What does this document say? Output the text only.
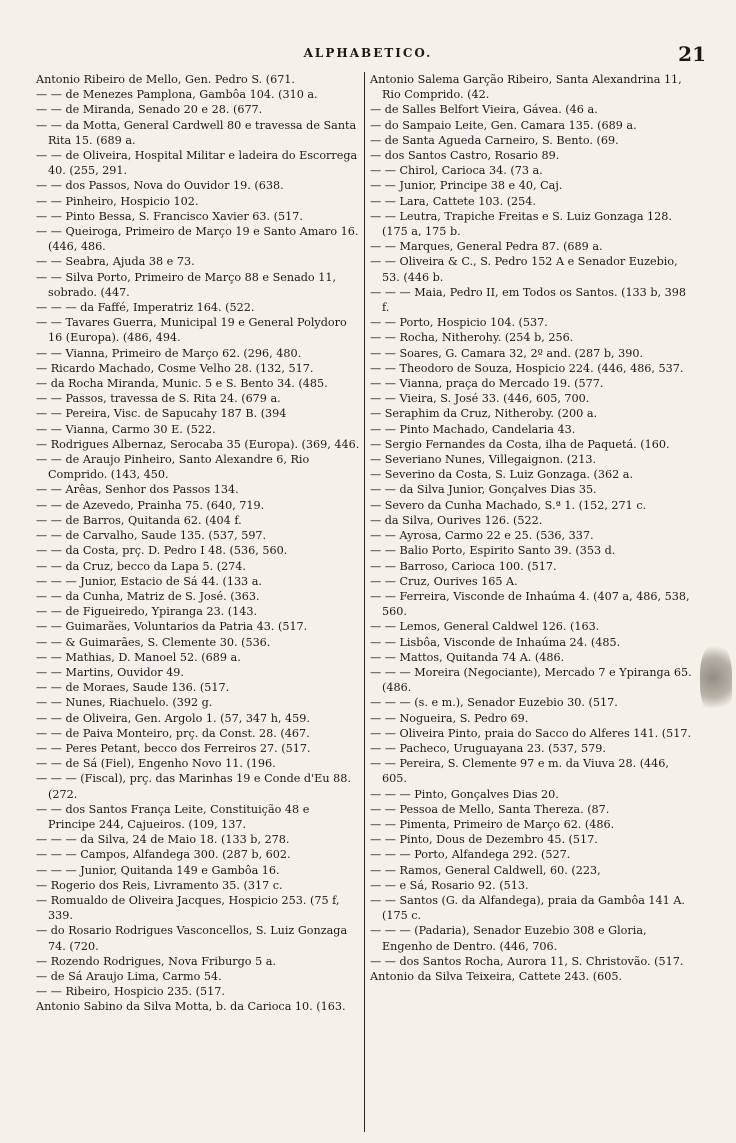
ALPHABETICO.	21
Antonio Ribeiro de Mello, Gen. Pedro S. (671.
— — de Menezes Pamplona, Gambôa 104. (310 a.
— — de Miranda, Senado 20 e 28. (677.
— — da Motta, General Cardwell 80 e travessa de Santa Rita 15. (689 a.
— — de Oliveira, Hospital Militar e ladeira do Escorrega 40. (255, 291.
— — dos Passos, Nova do Ouvidor 19. (638.
— — Pinheiro, Hospicio 102.
— — Pinto Bessa, S. Francisco Xavier 63. (517.
— — Queiroga, Primeiro de Março 19 e Santo Amaro 16. (446, 486.
— — Seabra, Ajuda 38 e 73.
— — Silva Porto, Primeiro de Março 88 e Senado 11, sobrado. (447.
— — — da Faffé, Imperatriz 164. (522.
— — Tavares Guerra, Municipal 19 e General Polydoro 16 (Europa). (486, 494.
— — Vianna, Primeiro de Março 62. (296, 480.
— Ricardo Machado, Cosme Velho 28. (132, 517.
— da Rocha Miranda, Munic. 5 e S. Bento 34. (485.
— — Passos, travessa de S. Rita 24. (679 a.
— — Pereira, Visc. de Sapucahy 187 B. (394
— — Vianna, Carmo 30 E. (522.
— Rodrigues Albernaz, Serocaba 35 (Europa). (369, 446.
— — de Araujo Pinheiro, Santo Alexandre 6, Rio Comprido. (143, 450.
— — Arêas, Senhor dos Passos 134.
— — de Azevedo, Prainha 75. (640, 719.
— — de Barros, Quitanda 62. (404 f.
— — de Carvalho, Saude 135. (537, 597.
— — da Costa, prç. D. Pedro I 48. (536, 560.
— — da Cruz, becco da Lapa 5. (274.
— — — Junior, Estacio de Sá 44. (133 a.
— — da Cunha, Matriz de S. José. (363.
— — de Figueiredo, Ypiranga 23. (143.
— — Guimarães, Voluntarios da Patria 43. (517.
— — & Guimarães, S. Clemente 30. (536.
— — Mathias, D. Manoel 52. (689 a.
— — Martins, Ouvidor 49.
— — de Moraes, Saude 136. (517.
— — Nunes, Riachuelo. (392 g.
— — de Oliveira, Gen. Argolo 1. (57, 347 h, 459.
— — de Paiva Monteiro, prç. da Const. 28. (467.
— — Peres Petant, becco dos Ferreiros 27. (517.
— — de Sá (Fiel), Engenho Novo 11. (196.
— — — (Fiscal), prç. das Marinhas 19 e Conde d'Eu 88. (272.
— — dos Santos França Leite, Constituição 48 e Principe 244, Cajueiros. (109, 137.
— — — da Silva, 24 de Maio 18. (133 b, 278.
— — — Campos, Alfandega 300. (287 b, 602.
— — — Junior, Quitanda 149 e Gambôa 16.
— Rogerio dos Reis, Livramento 35. (317 c.
— Romualdo de Oliveira Jacques, Hospicio 253. (75 f, 339.
— do Rosario Rodrigues Vasconcellos, S. Luiz Gonzaga 74. (720.
— Rozendo Rodrigues, Nova Friburgo 5 a.
— de Sá Araujo Lima, Carmo 54.
— — Ribeiro, Hospicio 235. (517.
Antonio Sabino da Silva Motta, b. da Carioca 10. (163.
Antonio Salema Garção Ribeiro, Santa Alexandrina 11, Rio Comprido. (42.
— de Salles Belfort Vieira, Gávea. (46 a.
— do Sampaio Leite, Gen. Camara 135. (689 a.
— de Santa Agueda Carneiro, S. Bento. (69.
— dos Santos Castro, Rosario 89.
— — Chirol, Carioca 34. (73 a.
— — Junior, Principe 38 e 40, Caj.
— — Lara, Cattete 103. (254.
— — Leutra, Trapiche Freitas e S. Luiz Gonzaga 128. (175 a, 175 b.
— — Marques, General Pedra 87. (689 a.
— — Oliveira & C., S. Pedro 152 A e Senador Euzebio, 53. (446 b.
— — — Maia, Pedro II, em Todos os Santos. (133 b, 398 f.
— — Porto, Hospicio 104. (537.
— — Rocha, Nitherohy. (254 b, 256.
— — Soares, G. Camara 32, 2º and. (287 b, 390.
— — Theodoro de Souza, Hospicio 224. (446, 486, 537.
— — Vianna, praça do Mercado 19. (577.
— — Vieira, S. José 33. (446, 605, 700.
— Seraphim da Cruz, Nitheroby. (200 a.
— — Pinto Machado, Candelaria 43.
— Sergio Fernandes da Costa, ilha de Paquetá. (160.
— Severiano Nunes, Villegaignon. (213.
— Severino da Costa, S. Luiz Gonzaga. (362 a.
— — da Silva Junior, Gonçalves Dias 35.
— Severo da Cunha Machado, S.ª 1. (152, 271 c.
— da Silva, Ourives 126. (522.
— — Ayrosa, Carmo 22 e 25. (536, 337.
— — Balio Porto, Espirito Santo 39. (353 d.
— — Barroso, Carioca 100. (517.
— — Cruz, Ourives 165 A.
— — Ferreira, Visconde de Inhaúma 4. (407 a, 486, 538, 560.
— — Lemos, General Caldwel 126. (163.
— — Lisbôa, Visconde de Inhaúma 24. (485.
— — Mattos, Quitanda 74 A. (486.
— — — Moreira (Negociante), Mercado 7 e Ypiranga 65. (486.
— — — (s. e m.), Senador Euzebio 30. (517.
— — Nogueira, S. Pedro 69.
— — Oliveira Pinto, praia do Sacco do Alferes 141. (517.
— — Pacheco, Uruguayana 23. (537, 579.
— — Pereira, S. Clemente 97 e m. da Viuva 28. (446, 605.
— — — Pinto, Gonçalves Dias 20.
— — Pessoa de Mello, Santa Thereza. (87.
— — Pimenta, Primeiro de Março 62. (486.
— — Pinto, Dous de Dezembro 45. (517.
— — — Porto, Alfandega 292. (527.
— — Ramos, General Caldwell, 60. (223,
— — e Sá, Rosario 92. (513.
— — Santos (G. da Alfandega), praia da Gambôa 141 A. (175 c.
— — — (Padaria), Senador Euzebio 308 e Gloria, Engenho de Dentro. (446, 706.
— — dos Santos Rocha, Aurora 11, S. Christovão. (517.
Antonio da Silva Teixeira, Cattete 243. (605.
